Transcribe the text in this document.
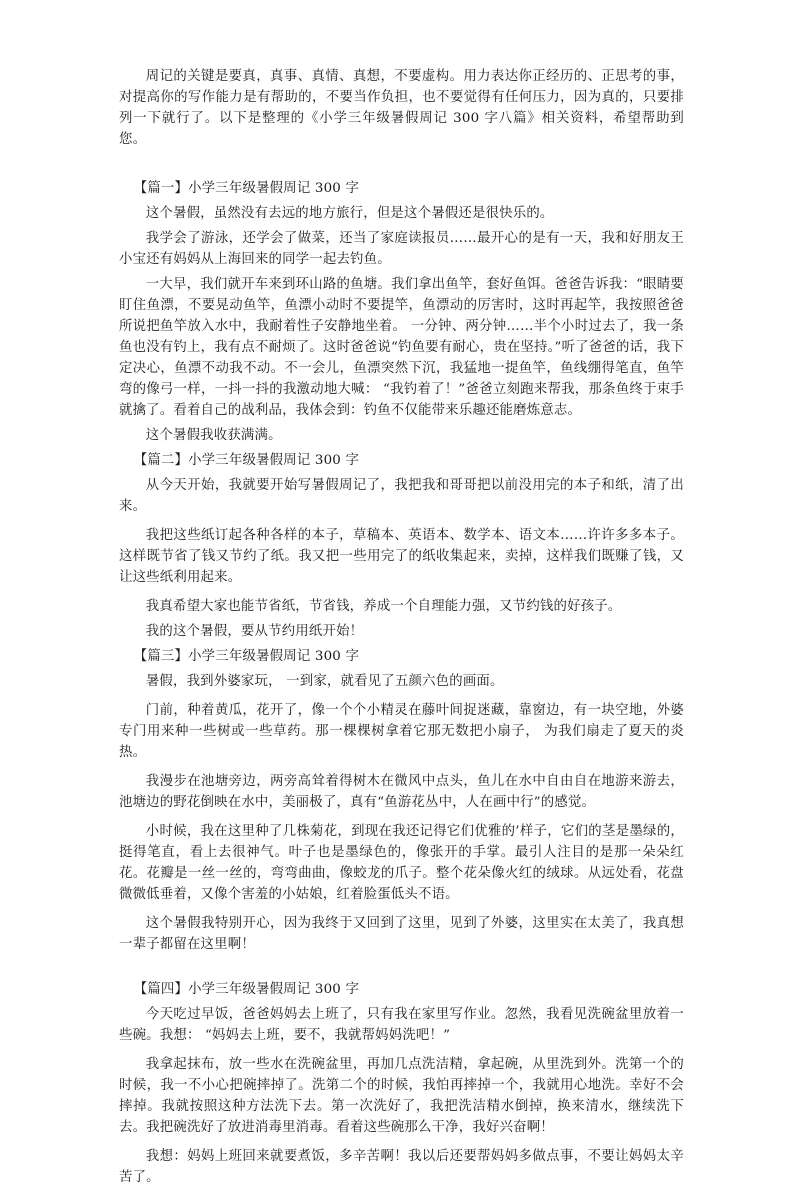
周记的关键是要真，真事、真情、真想，不要虚构。用力表达你正经历的、正思考的事，对提高你的写作能力是有帮助的，不要当作负担，也不要觉得有任何压力，因为真的，只要排列一下就行了。以下是整理的《小学三年级暑假周记 300 字八篇》相关资料，希望帮助到您。

【篇一】小学三年级暑假周记 300 字

这个暑假，虽然没有去远的地方旅行，但是这个暑假还是很快乐的。

我学会了游泳，还学会了做菜，还当了家庭读报员……最开心的是有一天，我和好朋友王小宝还有妈妈从上海回来的同学一起去钓鱼。

一大早，我们就开车来到环山路的鱼塘。我们拿出鱼竿，套好鱼饵。爸爸告诉我：“眼睛要盯住鱼漂，不要晃动鱼竿，鱼漂小动时不要提竿，鱼漂动的厉害时，这时再起竿，我按照爸爸所说把鱼竿放入水中，我耐着性子安静地坐着。 一分钟、两分钟……半个小时过去了，我一条鱼也没有钓上，我有点不耐烦了。这时爸爸说“钓鱼要有耐心，贵在坚持。”听了爸爸的话，我下定决心，鱼漂不动我不动。不一会儿，鱼漂突然下沉，我猛地一提鱼竿，鱼线绷得笔直，鱼竿弯的像弓一样，一抖一抖的我激动地大喊： “我钓着了！”爸爸立刻跑来帮我，那条鱼终于束手就擒了。看着自己的战利品，我体会到：钓鱼不仅能带来乐趣还能磨炼意志。

这个暑假我收获满满。

【篇二】小学三年级暑假周记 300 字

从今天开始，我就要开始写暑假周记了，我把我和哥哥把以前没用完的本子和纸，清了出来。

我把这些纸订起各种各样的本子，草稿本、英语本、数学本、语文本……许许多多本子。这样既节省了钱又节约了纸。我又把一些用完了的纸收集起来，卖掉，这样我们既赚了钱，又让这些纸利用起来。

我真希望大家也能节省纸，节省钱，养成一个自理能力强，又节约钱的好孩子。

我的这个暑假，要从节约用纸开始！

【篇三】小学三年级暑假周记 300 字

暑假，我到外婆家玩， 一到家，就看见了五颜六色的画面。

门前，种着黄瓜，花开了，像一个个小精灵在藤叶间捉迷藏，靠窗边，有一块空地，外婆专门用来种一些树或一些草药。那一棵棵树拿着它那无数把小扇子， 为我们扇走了夏天的炎热。

我漫步在池塘旁边，两旁高耸着得树木在微风中点头，鱼儿在水中自由自在地游来游去，池塘边的野花倒映在水中，美丽极了，真有“鱼游花丛中，人在画中行”的感觉。

小时候，我在这里种了几株菊花，到现在我还记得它们优雅的’样子，它们的茎是墨绿的，挺得笔直，看上去很神气。叶子也是墨绿色的，像张开的手掌。最引人注目的是那一朵朵红花。花瓣是一丝一丝的，弯弯曲曲，像蛟龙的爪子。整个花朵像火红的绒球。从远处看，花盘微微低垂着，又像个害羞的小姑娘，红着脸蛋低头不语。

这个暑假我特别开心，因为我终于又回到了这里，见到了外婆，这里实在太美了，我真想一辈子都留在这里啊！

【篇四】小学三年级暑假周记 300 字

今天吃过早饭，爸爸妈妈去上班了，只有我在家里写作业。忽然，我看见洗碗盆里放着一些碗。我想： “妈妈去上班，要不，我就帮妈妈洗吧！”

我拿起抹布，放一些水在洗碗盆里，再加几点洗洁精，拿起碗，从里洗到外。洗第一个的时候，我一不小心把碗摔掉了。洗第二个的时候，我怕再摔掉一个，我就用心地洗。幸好不会摔掉。我就按照这种方法洗下去。第一次洗好了，我把洗洁精水倒掉，换来清水，继续洗下去。我把碗洗好了放进消毒里消毒。看着这些碗那么干净，我好兴奋啊！

我想：妈妈上班回来就要煮饭，多辛苦啊！我以后还要帮妈妈多做点事，不要让妈妈太辛苦了。
